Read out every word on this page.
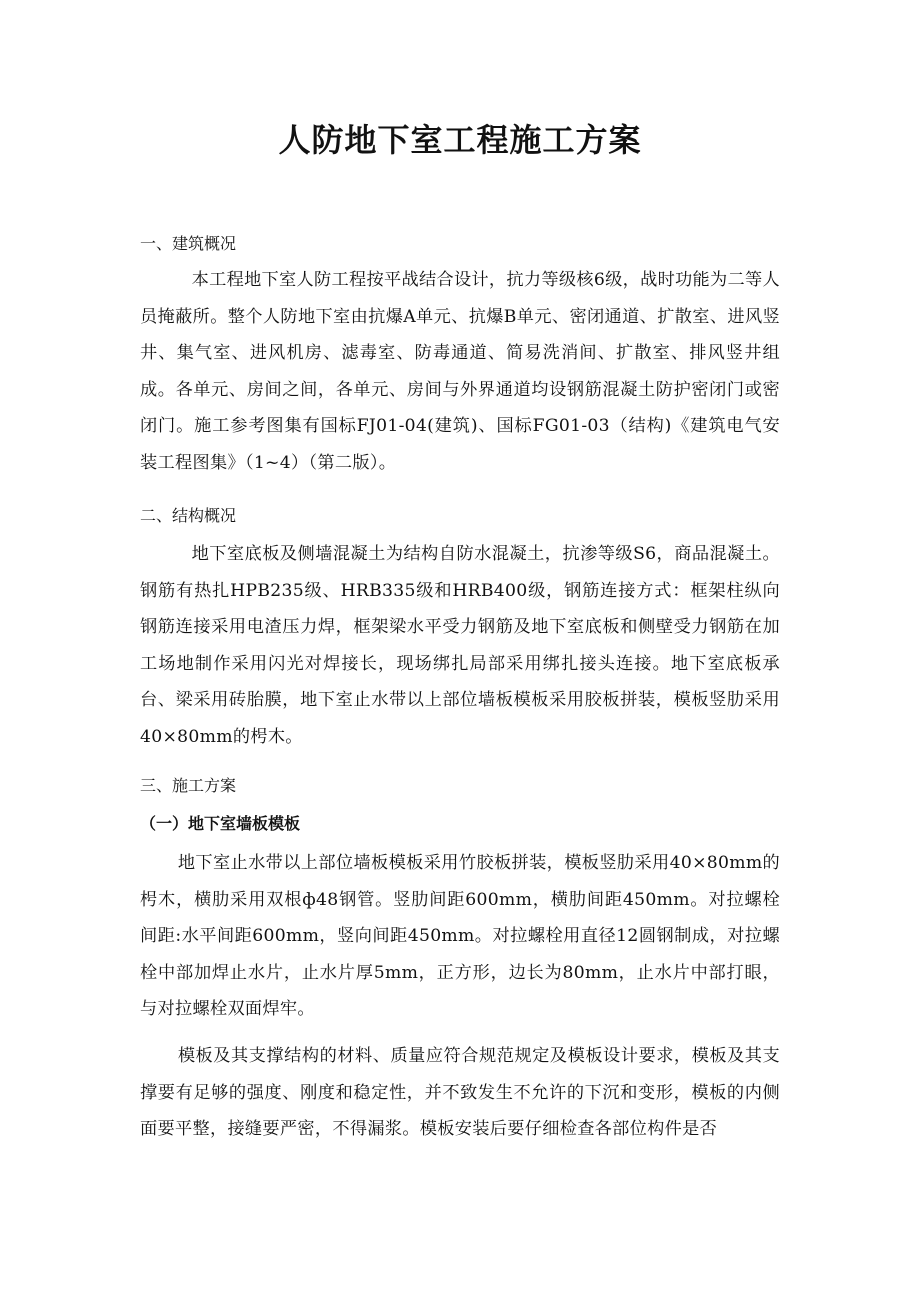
人防地下室工程施工方案
一、建筑概况
本工程地下室人防工程按平战结合设计，抗力等级核6级，战时功能为二等人员掩蔽所。整个人防地下室由抗爆A单元、抗爆B单元、密闭通道、扩散室、进风竖井、集气室、进风机房、滤毒室、防毒通道、简易洗消间、扩散室、排风竖井组成。各单元、房间之间，各单元、房间与外界通道均设钢筋混凝土防护密闭门或密闭门。施工参考图集有国标FJ01-04(建筑)、国标FG01-03（结构)《建筑电气安装工程图集》（1~4）（第二版）。
二、结构概况
地下室底板及侧墙混凝土为结构自防水混凝土，抗渗等级S6，商品混凝土。钢筋有热扎HPB235级、HRB335级和HRB400级，钢筋连接方式：框架柱纵向钢筋连接采用电渣压力焊，框架梁水平受力钢筋及地下室底板和侧壁受力钢筋在加工场地制作采用闪光对焊接长，现场绑扎局部采用绑扎接头连接。地下室底板承台、梁采用砖胎膜，地下室止水带以上部位墙板模板采用胶板拼装，模板竖肋采用40×80mm的枵木。
三、施工方案
（一）地下室墙板模板
地下室止水带以上部位墙板模板采用竹胶板拼装，模板竖肋采用40×80mm的枵木，横肋采用双根ф48钢管。竖肋间距600mm，横肋间距450mm。对拉螺栓间距:水平间距600mm，竖向间距450mm。对拉螺栓用直径12圆钢制成，对拉螺栓中部加焊止水片，止水片厚5mm，正方形，边长为80mm，止水片中部打眼，与对拉螺栓双面焊牢。
模板及其支撑结构的材料、质量应符合规范规定及模板设计要求，模板及其支撑要有足够的强度、刚度和稳定性，并不致发生不允许的下沉和变形，模板的内侧面要平整，接缝要严密，不得漏浆。模板安装后要仔细检查各部位构件是否
